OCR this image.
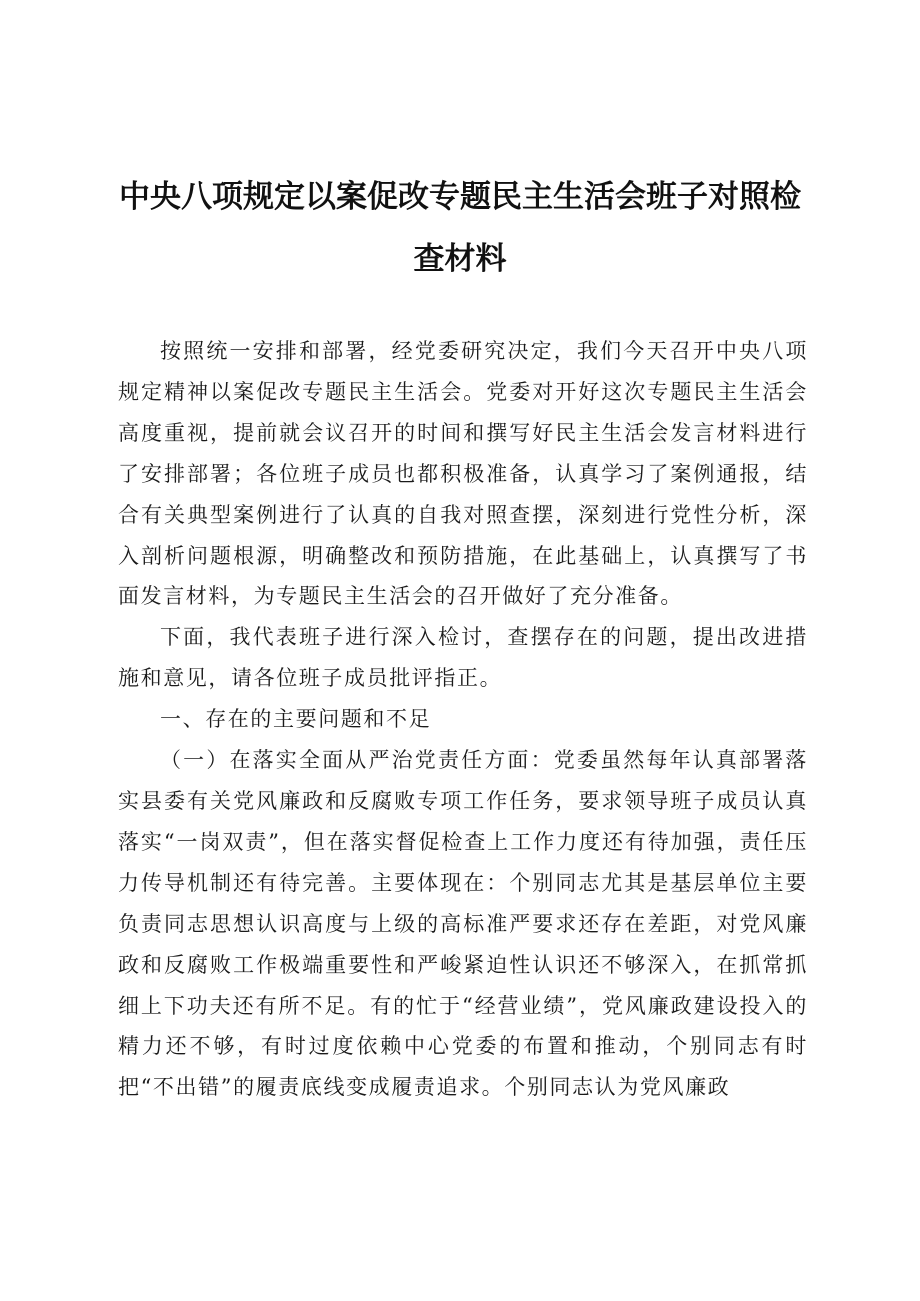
中央八项规定以案促改专题民主生活会班子对照检查材料

按照统一安排和部署，经党委研究决定，我们今天召开中央八项规定精神以案促改专题民主生活会。党委对开好这次专题民主生活会高度重视，提前就会议召开的时间和撰写好民主生活会发言材料进行了安排部署；各位班子成员也都积极准备，认真学习了案例通报，结合有关典型案例进行了认真的自我对照查摆，深刻进行党性分析，深入剖析问题根源，明确整改和预防措施，在此基础上，认真撰写了书面发言材料，为专题民主生活会的召开做好了充分准备。

下面，我代表班子进行深入检讨，查摆存在的问题，提出改进措施和意见，请各位班子成员批评指正。

一、存在的主要问题和不足

（一）在落实全面从严治党责任方面：党委虽然每年认真部署落实县委有关党风廉政和反腐败专项工作任务，要求领导班子成员认真落实“一岗双责”，但在落实督促检查上工作力度还有待加强，责任压力传导机制还有待完善。主要体现在：个别同志尤其是基层单位主要负责同志思想认识高度与上级的高标准严要求还存在差距，对党风廉政和反腐败工作极端重要性和严峻紧迫性认识还不够深入，在抓常抓细上下功夫还有所不足。有的忙于“经营业绩”，党风廉政建设投入的精力还不够，有时过度依赖中心党委的布置和推动，个别同志有时把“不出错”的履责底线变成履责追求。个别同志认为党风廉政
